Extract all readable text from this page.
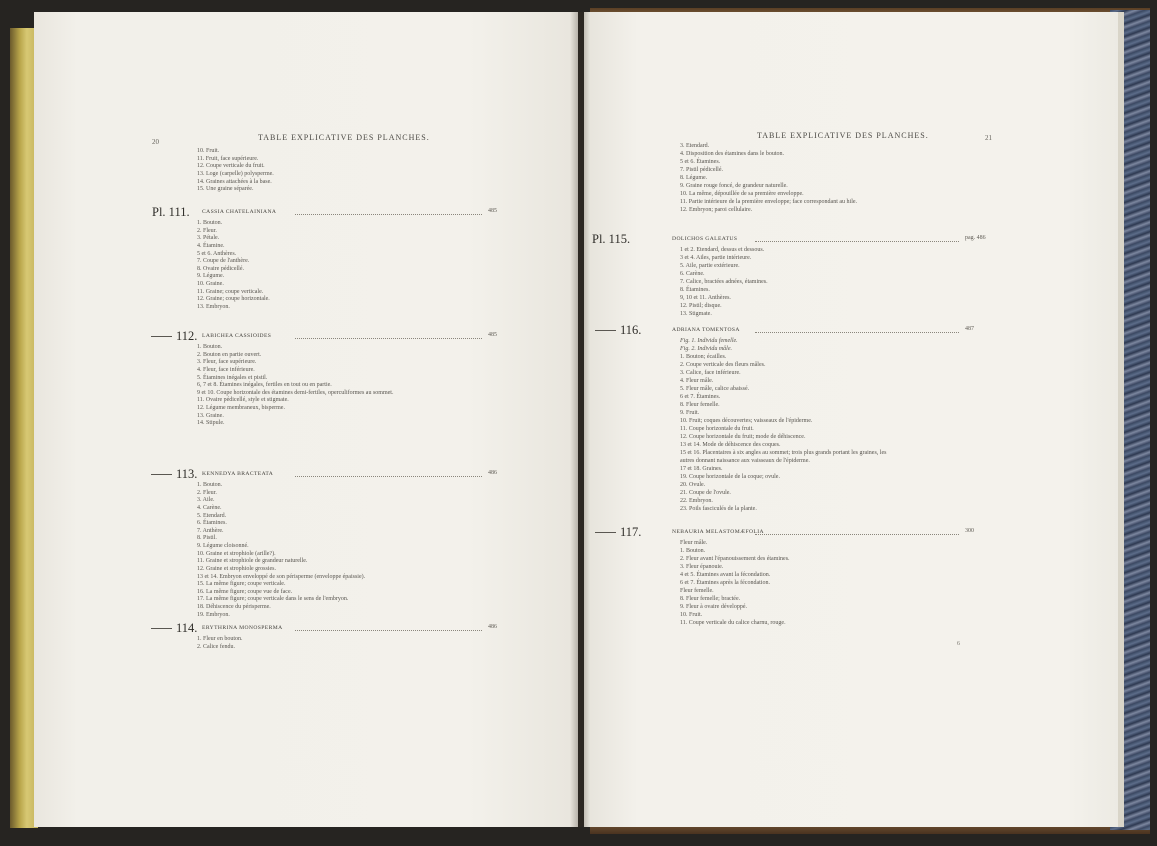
TABLE EXPLICATIVE DES PLANCHES.
20
10. Fruit.
11. Fruit, face supérieure.
12. Coupe verticale du fruit.
13. Loge (carpelle) polysperme.
14. Graines attachées à la base.
15. Une graine séparée.
Pl. 111. CASSIA CHATELAINIANA	485
1. Bouton.
2. Fleur.
3. Pétale.
4. Étamine.
5 et 6. Anthères.
7. Coupe de l'anthère.
8. Ovaire pédicellé.
9. Légume.
10. Graine.
11. Graine; coupe verticale.
12. Graine; coupe horizontale.
13. Embryon.
112. LABICHEA CASSIOIDES	485
1. Bouton.
2. Bouton en partie ouvert.
3. Fleur, face supérieure.
4. Fleur, face inférieure.
5. Étamines inégales et pistil.
6, 7 et 8. Étamines inégales, fertiles en tout ou en partie.
9 et 10. Coupe horizontale des étamines demi-fertiles, operculiformes au sommet.
11. Ovaire pédicellé, style et stigmate.
12. Légume membraneux, bisperme.
13. Graine.
14. Stipule.
113. KENNEDYA BRACTEATA	486
1. Bouton.
2. Fleur.
3. Aile.
4. Carène.
5. Etendard.
6. Étamines.
7. Anthère.
8. Pistil.
9. Légume cloisonné.
10. Graine et strophiole (arille?).
11. Graine et strophiole de grandeur naturelle.
12. Graine et strophiole grossies.
13 et 14. Embryon enveloppé de son périsperme (enveloppe épaissie).
15. La même figure; coupe verticale.
16. La même figure; coupe vue de face.
17. La même figure; coupe verticale dans le sens de l'embryon.
18. Déhiscence du périsperme.
19. Embryon.
114. ERYTHRINA MONOSPERMA	486
1. Fleur en bouton.
2. Calice fendu.
TABLE EXPLICATIVE DES PLANCHES.	21
3. Etendard.
4. Disposition des étamines dans le bouton.
5 et 6. Étamines.
7. Pistil pédicellé.
8. Légume.
9. Graine rouge foncé, de grandeur naturelle.
10. La même, dépouillée de sa première enveloppe.
11. Partie intérieure de la première enveloppe; face correspondant au hile.
12. Embryon; paroi cellulaire.
Pl. 115.	DOLICHOS GALEATUS	pag. 486
1 et 2. Etendard, dessus et dessous.
3 et 4. Ailes, partie intérieure.
5. Aile, partie extérieure.
6. Carène.
7. Calice, bractées adnées, étamines.
8. Étamines.
9, 10 et 11. Anthères.
12. Pistil; disque.
13. Stigmate.
116.	ADRIANA TOMENTOSA	487
Fig. 1. Individu femelle.
Fig. 2. Individu mâle.
1. Bouton; écailles.
2. Coupe verticale des fleurs mâles.
3. Calice, face inférieure.
4. Fleur mâle.
5. Fleur mâle, calice abaissé.
6 et 7. Étamines.
8. Fleur femelle.
9. Fruit.
10. Fruit; coques découvertes; vaisseaux de l'épiderme.
11. Coupe horizontale du fruit.
12. Coupe horizontale du fruit; mode de déhiscence.
13 et 14. Mode de déhiscence des coques.
15 et 16. Placentaires à six angles au sommet; trois plus grands portant les graines, les
autres donnant naissance aux vaisseaux de l'épiderme.
17 et 18. Graines.
19. Coupe horizontale de la coque; ovule.
20. Ovule.
21. Coupe de l'ovule.
22. Embryon.
23. Poils fasciculés de la plante.
117.	NEBAURIA MELASTOMÆFOLIA	300
Fleur mâle.
1. Bouton.
2. Fleur avant l'épanouissement des étamines.
3. Fleur épanouie.
4 et 5. Étamines avant la fécondation.
6 et 7. Étamines après la fécondation.
Fleur femelle.
8. Fleur femelle; bractée.
9. Fleur à ovaire développé.
10. Fruit.
11. Coupe verticale du calice charnu, rouge.
6
